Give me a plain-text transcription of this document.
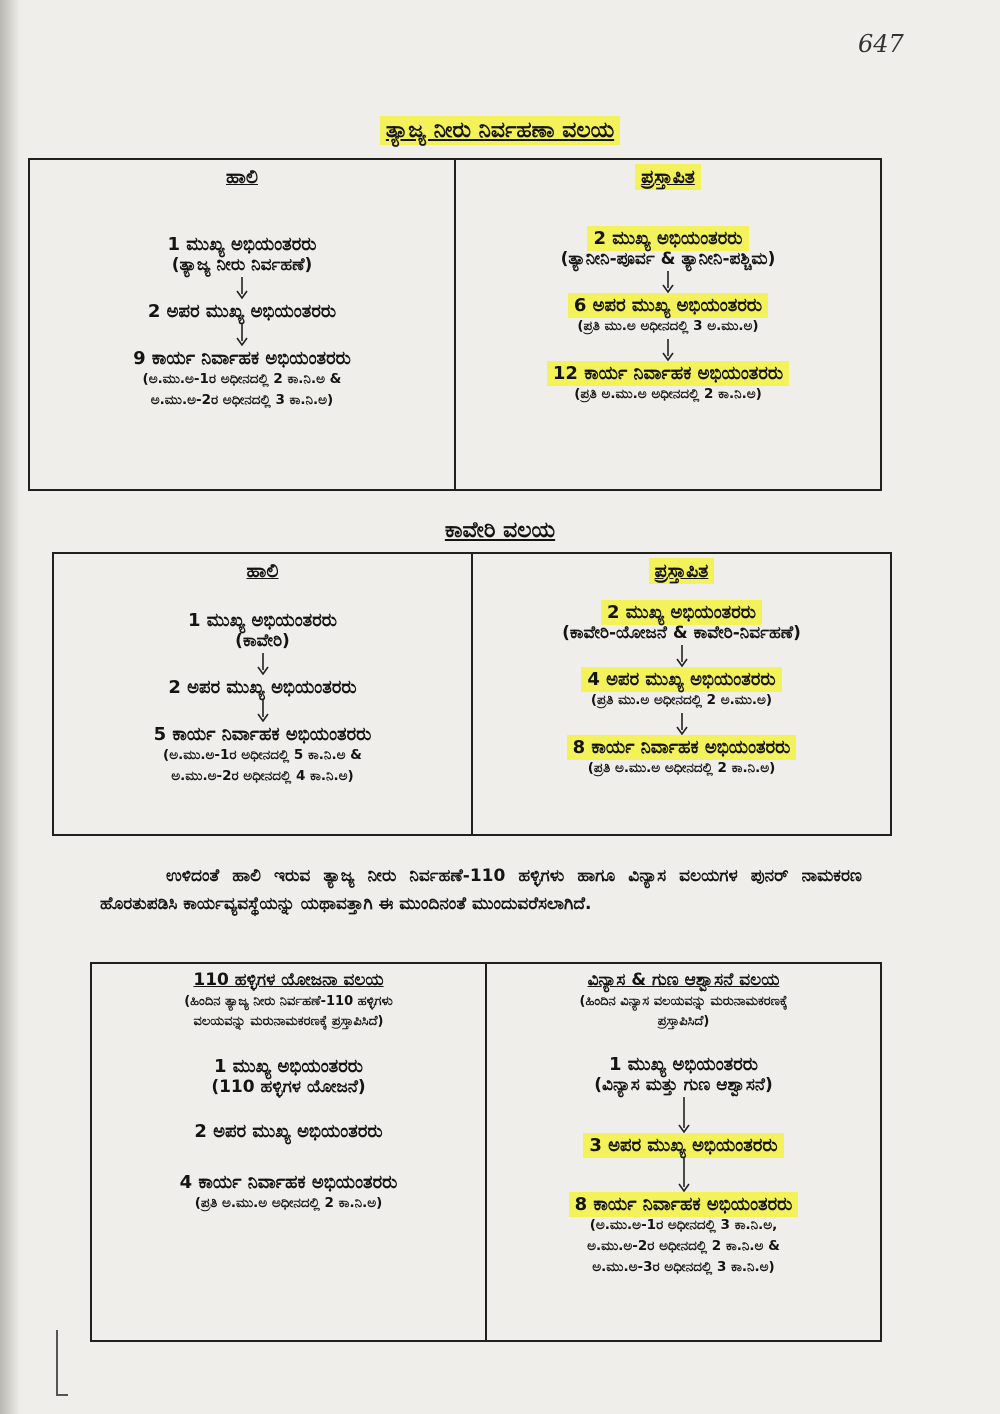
647
ತ್ಯಾಜ್ಯ ನೀರು ನಿರ್ವಹಣಾ ವಲಯ
ಹಾಲಿ
1 ಮುಖ್ಯ ಅಭಿಯಂತರರು
(ತ್ಯಾಜ್ಯ ನೀರು ನಿರ್ವಹಣೆ)
2 ಅಪರ ಮುಖ್ಯ ಅಭಿಯಂತರರು
9 ಕಾರ್ಯ ನಿರ್ವಾಹಕ ಅಭಿಯಂತರರು
(ಅ.ಮು.ಅ-1ರ ಅಧೀನದಲ್ಲಿ 2 ಕಾ.ನಿ.ಅ &
ಅ.ಮು.ಅ-2ರ ಅಧೀನದಲ್ಲಿ 3 ಕಾ.ನಿ.ಅ)
ಪ್ರಸ್ತಾಪಿತ
2 ಮುಖ್ಯ ಅಭಿಯಂತರರು
(ತ್ಯಾನೀನಿ-ಪೂರ್ವ & ತ್ಯಾನೀನಿ-ಪಶ್ಚಿಮ)
6 ಅಪರ ಮುಖ್ಯ ಅಭಿಯಂತರರು
(ಪ್ರತಿ ಮು.ಅ ಅಧೀನದಲ್ಲಿ 3 ಅ.ಮು.ಅ)
12 ಕಾರ್ಯ ನಿರ್ವಾಹಕ ಅಭಿಯಂತರರು
(ಪ್ರತಿ ಅ.ಮು.ಅ ಅಧೀನದಲ್ಲಿ 2 ಕಾ.ನಿ.ಅ)
ಕಾವೇರಿ ವಲಯ
ಹಾಲಿ
1 ಮುಖ್ಯ ಅಭಿಯಂತರರು
(ಕಾವೇರಿ)
2 ಅಪರ ಮುಖ್ಯ ಅಭಿಯಂತರರು
5 ಕಾರ್ಯ ನಿರ್ವಾಹಕ ಅಭಿಯಂತರರು
(ಅ.ಮು.ಅ-1ರ ಅಧೀನದಲ್ಲಿ 5 ಕಾ.ನಿ.ಅ &
ಅ.ಮು.ಅ-2ರ ಅಧೀನದಲ್ಲಿ 4 ಕಾ.ನಿ.ಅ)
ಪ್ರಸ್ತಾಪಿತ
2 ಮುಖ್ಯ ಅಭಿಯಂತರರು
(ಕಾವೇರಿ-ಯೋಜನೆ & ಕಾವೇರಿ-ನಿರ್ವಹಣೆ)
4 ಅಪರ ಮುಖ್ಯ ಅಭಿಯಂತರರು
(ಪ್ರತಿ ಮು.ಅ ಅಧೀನದಲ್ಲಿ 2 ಅ.ಮು.ಅ)
8 ಕಾರ್ಯ ನಿರ್ವಾಹಕ ಅಭಿಯಂತರರು
(ಪ್ರತಿ ಅ.ಮು.ಅ ಅಧೀನದಲ್ಲಿ 2 ಕಾ.ನಿ.ಅ)
ಉಳಿದಂತೆ ಹಾಲಿ ಇರುವ ತ್ಯಾಜ್ಯ ನೀರು ನಿರ್ವಹಣೆ-110 ಹಳ್ಳಿಗಳು ಹಾಗೂ ವಿನ್ಯಾಸ ವಲಯಗಳ ಪುನರ್ ನಾಮಕರಣ ಹೊರತುಪಡಿಸಿ ಕಾರ್ಯವ್ಯವಸ್ಥೆಯನ್ನು ಯಥಾವತ್ತಾಗಿ ಈ ಮುಂದಿನಂತೆ ಮುಂದುವರೆಸಲಾಗಿದೆ.
110 ಹಳ್ಳಿಗಳ ಯೋಜನಾ ವಲಯ
(ಹಿಂದಿನ ತ್ಯಾಜ್ಯ ನೀರು ನಿರ್ವಹಣೆ-110 ಹಳ್ಳಿಗಳು
ವಲಯವನ್ನು ಮರುನಾಮಕರಣಕ್ಕೆ ಪ್ರಸ್ತಾಪಿಸಿದೆ)
1 ಮುಖ್ಯ ಅಭಿಯಂತರರು
(110 ಹಳ್ಳಿಗಳ ಯೋಜನೆ)
2 ಅಪರ ಮುಖ್ಯ ಅಭಿಯಂತರರು
4 ಕಾರ್ಯ ನಿರ್ವಾಹಕ ಅಭಿಯಂತರರು
(ಪ್ರತಿ ಅ.ಮು.ಅ ಅಧೀನದಲ್ಲಿ 2 ಕಾ.ನಿ.ಅ)
ವಿನ್ಯಾಸ & ಗುಣ ಆಶ್ವಾಸನೆ ವಲಯ
(ಹಿಂದಿನ ವಿನ್ಯಾಸ ವಲಯವನ್ನು ಮರುನಾಮಕರಣಕ್ಕೆ
ಪ್ರಸ್ತಾಪಿಸಿದೆ)
1 ಮುಖ್ಯ ಅಭಿಯಂತರರು
(ವಿನ್ಯಾಸ ಮತ್ತು ಗುಣ ಆಶ್ವಾಸನೆ)
3 ಅಪರ ಮುಖ್ಯ ಅಭಿಯಂತರರು
8 ಕಾರ್ಯ ನಿರ್ವಾಹಕ ಅಭಿಯಂತರರು
(ಅ.ಮು.ಅ-1ರ ಅಧೀನದಲ್ಲಿ 3 ಕಾ.ನಿ.ಅ,
ಅ.ಮು.ಅ-2ರ ಅಧೀನದಲ್ಲಿ 2 ಕಾ.ನಿ.ಅ &
ಅ.ಮು.ಅ-3ರ ಅಧೀನದಲ್ಲಿ 3 ಕಾ.ನಿ.ಅ)
